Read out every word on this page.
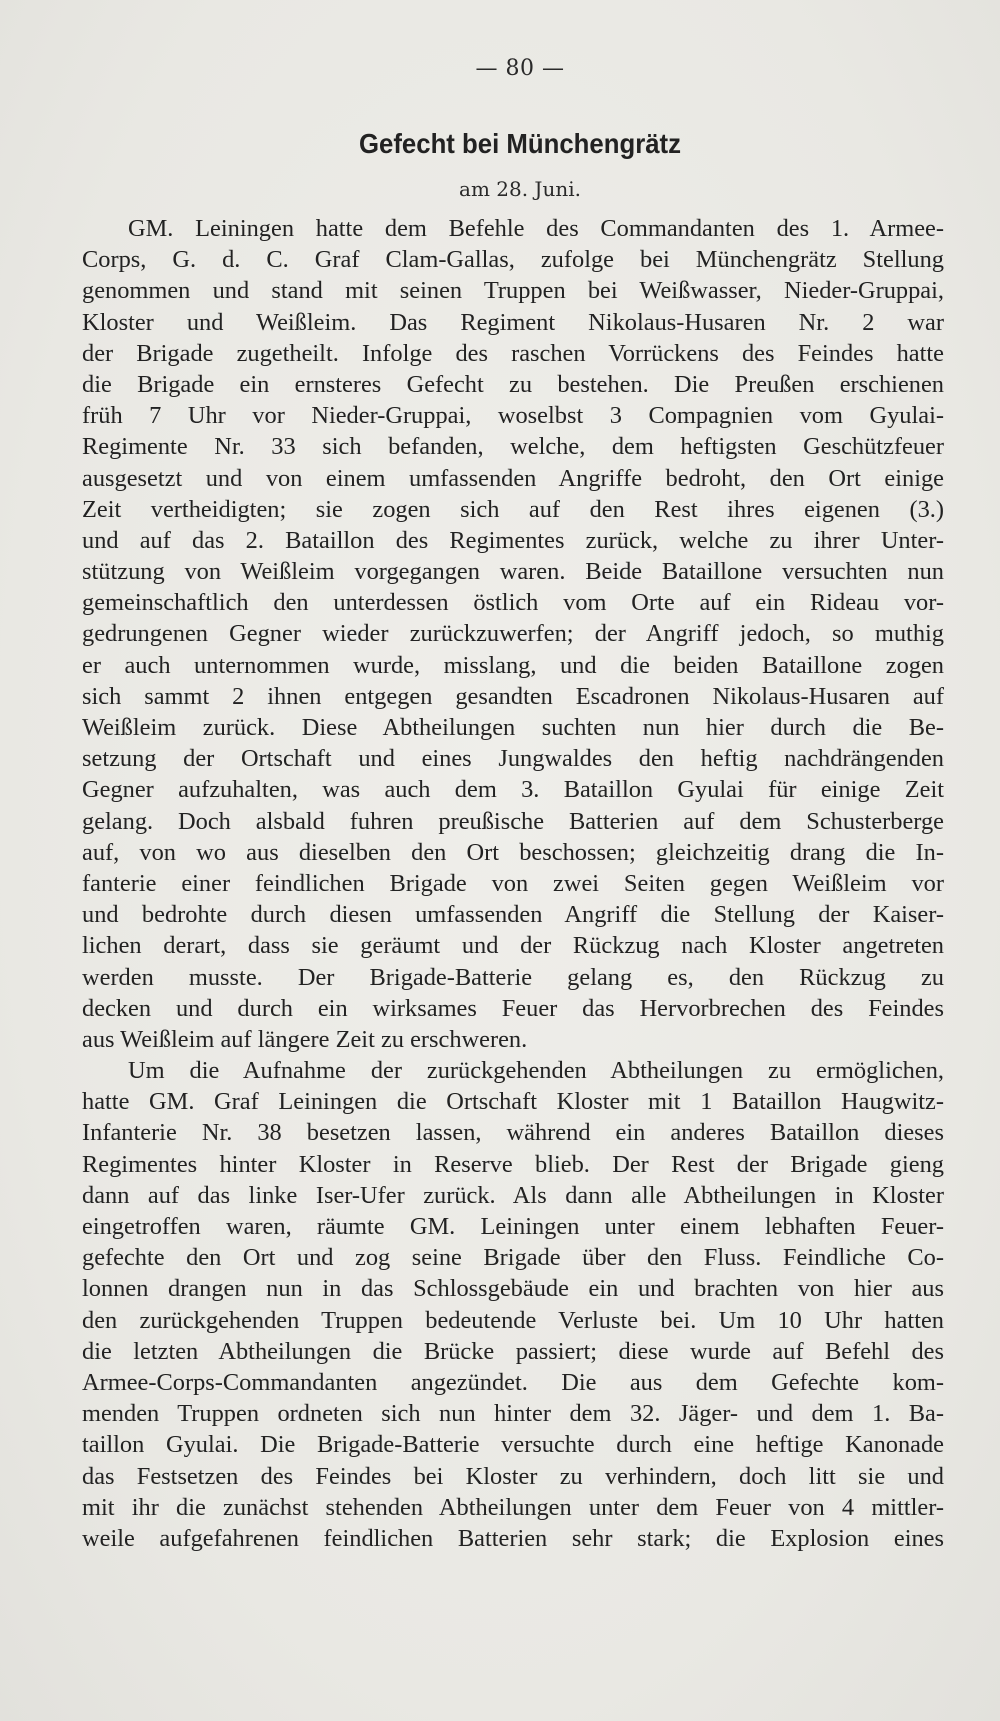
— 80 —
Gefecht bei Münchengrätz
am 28. Juni.
GM. Leiningen hatte dem Befehle des Commandanten des 1. Armee-
Corps, G. d. C. Graf Clam-Gallas, zufolge bei Münchengrätz Stellung
genommen und stand mit seinen Truppen bei Weißwasser, Nieder-Gruppai,
Kloster und Weißleim. Das Regiment Nikolaus-Husaren Nr. 2 war
der Brigade zugetheilt. Infolge des raschen Vorrückens des Feindes hatte
die Brigade ein ernsteres Gefecht zu bestehen. Die Preußen erschienen
früh 7 Uhr vor Nieder-Gruppai, woselbst 3 Compagnien vom Gyulai-
Regimente Nr. 33 sich befanden, welche, dem heftigsten Geschützfeuer
ausgesetzt und von einem umfassenden Angriffe bedroht, den Ort einige
Zeit vertheidigten; sie zogen sich auf den Rest ihres eigenen (3.)
und auf das 2. Bataillon des Regimentes zurück, welche zu ihrer Unter-
stützung von Weißleim vorgegangen waren. Beide Bataillone versuchten nun
gemeinschaftlich den unterdessen östlich vom Orte auf ein Rideau vor-
gedrungenen Gegner wieder zurückzuwerfen; der Angriff jedoch, so muthig
er auch unternommen wurde, misslang, und die beiden Bataillone zogen
sich sammt 2 ihnen entgegen gesandten Escadronen Nikolaus-Husaren auf
Weißleim zurück. Diese Abtheilungen suchten nun hier durch die Be-
setzung der Ortschaft und eines Jungwaldes den heftig nachdrängenden
Gegner aufzuhalten, was auch dem 3. Bataillon Gyulai für einige Zeit
gelang. Doch alsbald fuhren preußische Batterien auf dem Schusterberge
auf, von wo aus dieselben den Ort beschossen; gleichzeitig drang die In-
fanterie einer feindlichen Brigade von zwei Seiten gegen Weißleim vor
und bedrohte durch diesen umfassenden Angriff die Stellung der Kaiser-
lichen derart, dass sie geräumt und der Rückzug nach Kloster angetreten
werden musste. Der Brigade-Batterie gelang es, den Rückzug zu
decken und durch ein wirksames Feuer das Hervorbrechen des Feindes
aus Weißleim auf längere Zeit zu erschweren.
Um die Aufnahme der zurückgehenden Abtheilungen zu ermöglichen,
hatte GM. Graf Leiningen die Ortschaft Kloster mit 1 Bataillon Haugwitz-
Infanterie Nr. 38 besetzen lassen, während ein anderes Bataillon dieses
Regimentes hinter Kloster in Reserve blieb. Der Rest der Brigade gieng
dann auf das linke Iser-Ufer zurück. Als dann alle Abtheilungen in Kloster
eingetroffen waren, räumte GM. Leiningen unter einem lebhaften Feuer-
gefechte den Ort und zog seine Brigade über den Fluss. Feindliche Co-
lonnen drangen nun in das Schlossgebäude ein und brachten von hier aus
den zurückgehenden Truppen bedeutende Verluste bei. Um 10 Uhr hatten
die letzten Abtheilungen die Brücke passiert; diese wurde auf Befehl des
Armee-Corps-Commandanten angezündet. Die aus dem Gefechte kom-
menden Truppen ordneten sich nun hinter dem 32. Jäger- und dem 1. Ba-
taillon Gyulai. Die Brigade-Batterie versuchte durch eine heftige Kanonade
das Festsetzen des Feindes bei Kloster zu verhindern, doch litt sie und
mit ihr die zunächst stehenden Abtheilungen unter dem Feuer von 4 mittler-
weile aufgefahrenen feindlichen Batterien sehr stark; die Explosion eines
